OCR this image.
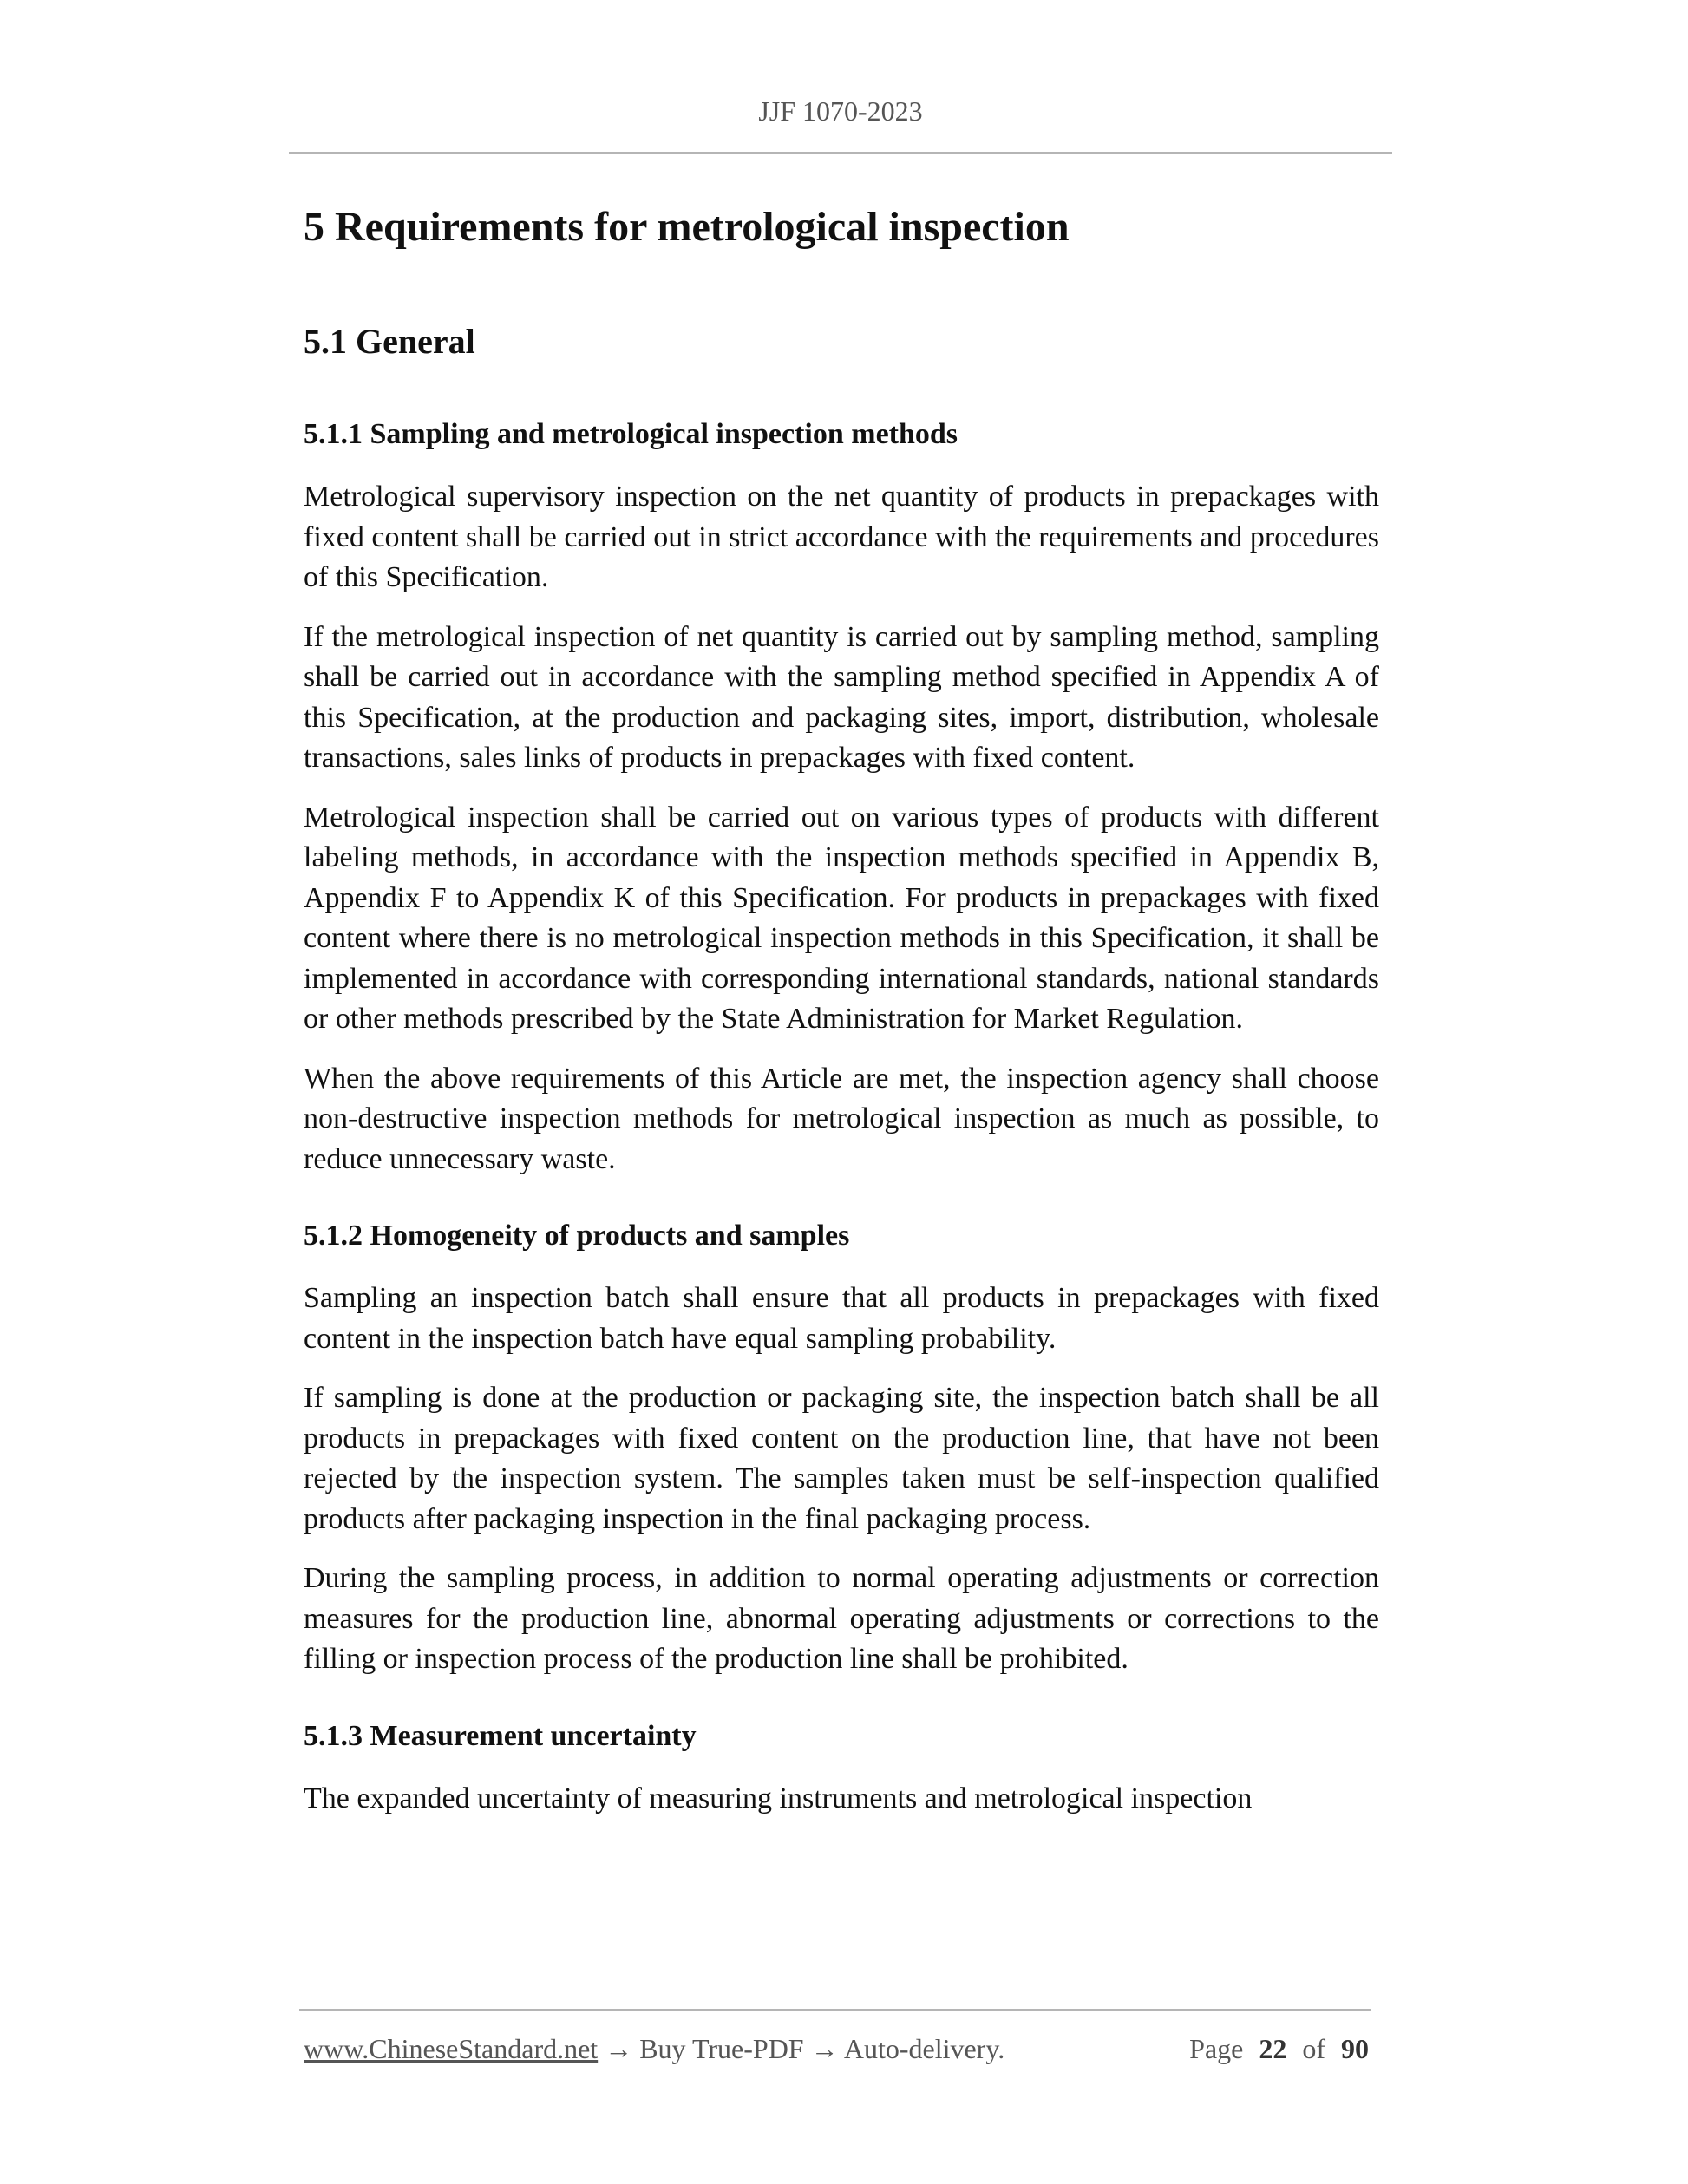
JJF 1070-2023
5 Requirements for metrological inspection
5.1 General
5.1.1 Sampling and metrological inspection methods

Metrological supervisory inspection on the net quantity of products in prepackages with fixed content shall be carried out in strict accordance with the requirements and procedures of this Specification.

If the metrological inspection of net quantity is carried out by sampling method, sampling shall be carried out in accordance with the sampling method specified in Appendix A of this Specification, at the production and packaging sites, import, distribution, wholesale transactions, sales links of products in prepackages with fixed content.

Metrological inspection shall be carried out on various types of products with different labeling methods, in accordance with the inspection methods specified in Appendix B, Appendix F to Appendix K of this Specification. For products in prepackages with fixed content where there is no metrological inspection methods in this Specification, it shall be implemented in accordance with corresponding international standards, national standards or other methods prescribed by the State Administration for Market Regulation.

When the above requirements of this Article are met, the inspection agency shall choose non-destructive inspection methods for metrological inspection as much as possible, to reduce unnecessary waste.

5.1.2 Homogeneity of products and samples

Sampling an inspection batch shall ensure that all products in prepackages with fixed content in the inspection batch have equal sampling probability.

If sampling is done at the production or packaging site, the inspection batch shall be all products in prepackages with fixed content on the production line, that have not been rejected by the inspection system. The samples taken must be self-inspection qualified products after packaging inspection in the final packaging process.

During the sampling process, in addition to normal operating adjustments or correction measures for the production line, abnormal operating adjustments or corrections to the filling or inspection process of the production line shall be prohibited.

5.1.3 Measurement uncertainty

The expanded uncertainty of measuring instruments and metrological inspection

www.ChineseStandard.net → Buy True-PDF → Auto-delivery.	Page 22 of 90
